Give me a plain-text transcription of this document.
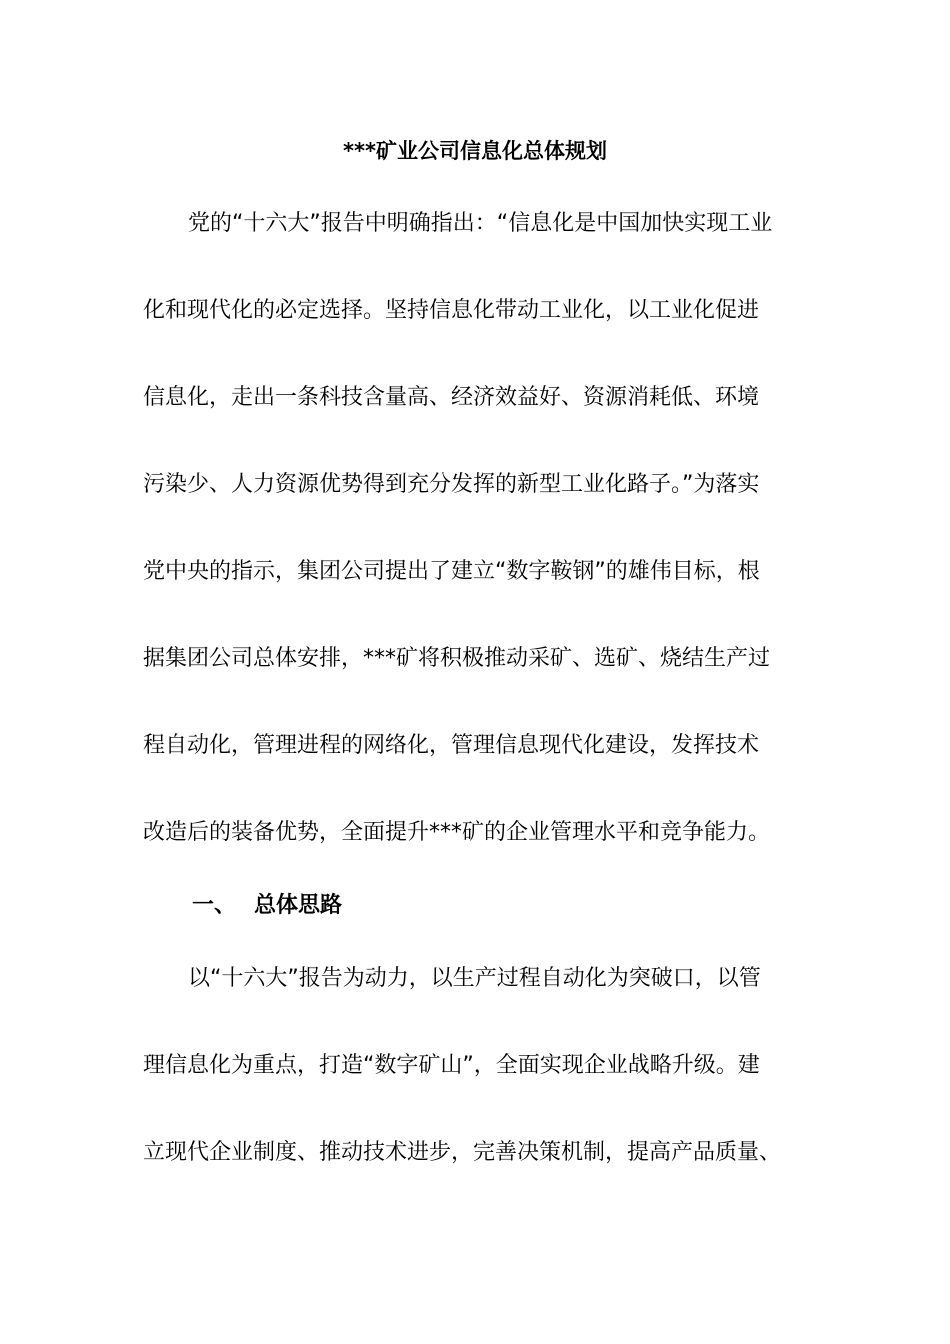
***矿业公司信息化总体规划
党的“十六大”报告中明确指出：“信息化是中国加快实现工业
化和现代化的必定选择。坚持信息化带动工业化，以工业化促进
信息化，走出一条科技含量高、经济效益好、资源消耗低、环境
污染少、人力资源优势得到充分发挥的新型工业化路子。”为落实
党中央的指示，集团公司提出了建立“数字鞍钢”的雄伟目标，根
据集团公司总体安排，***矿将积极推动采矿、选矿、烧结生产过
程自动化，管理进程的网络化，管理信息现代化建设，发挥技术
改造后的装备优势，全面提升***矿的企业管理水平和竞争能力。
一、 总体思路
以“十六大”报告为动力，以生产过程自动化为突破口，以管
理信息化为重点，打造“数字矿山”，全面实现企业战略升级。建
立现代企业制度、推动技术进步，完善决策机制，提高产品质量、
